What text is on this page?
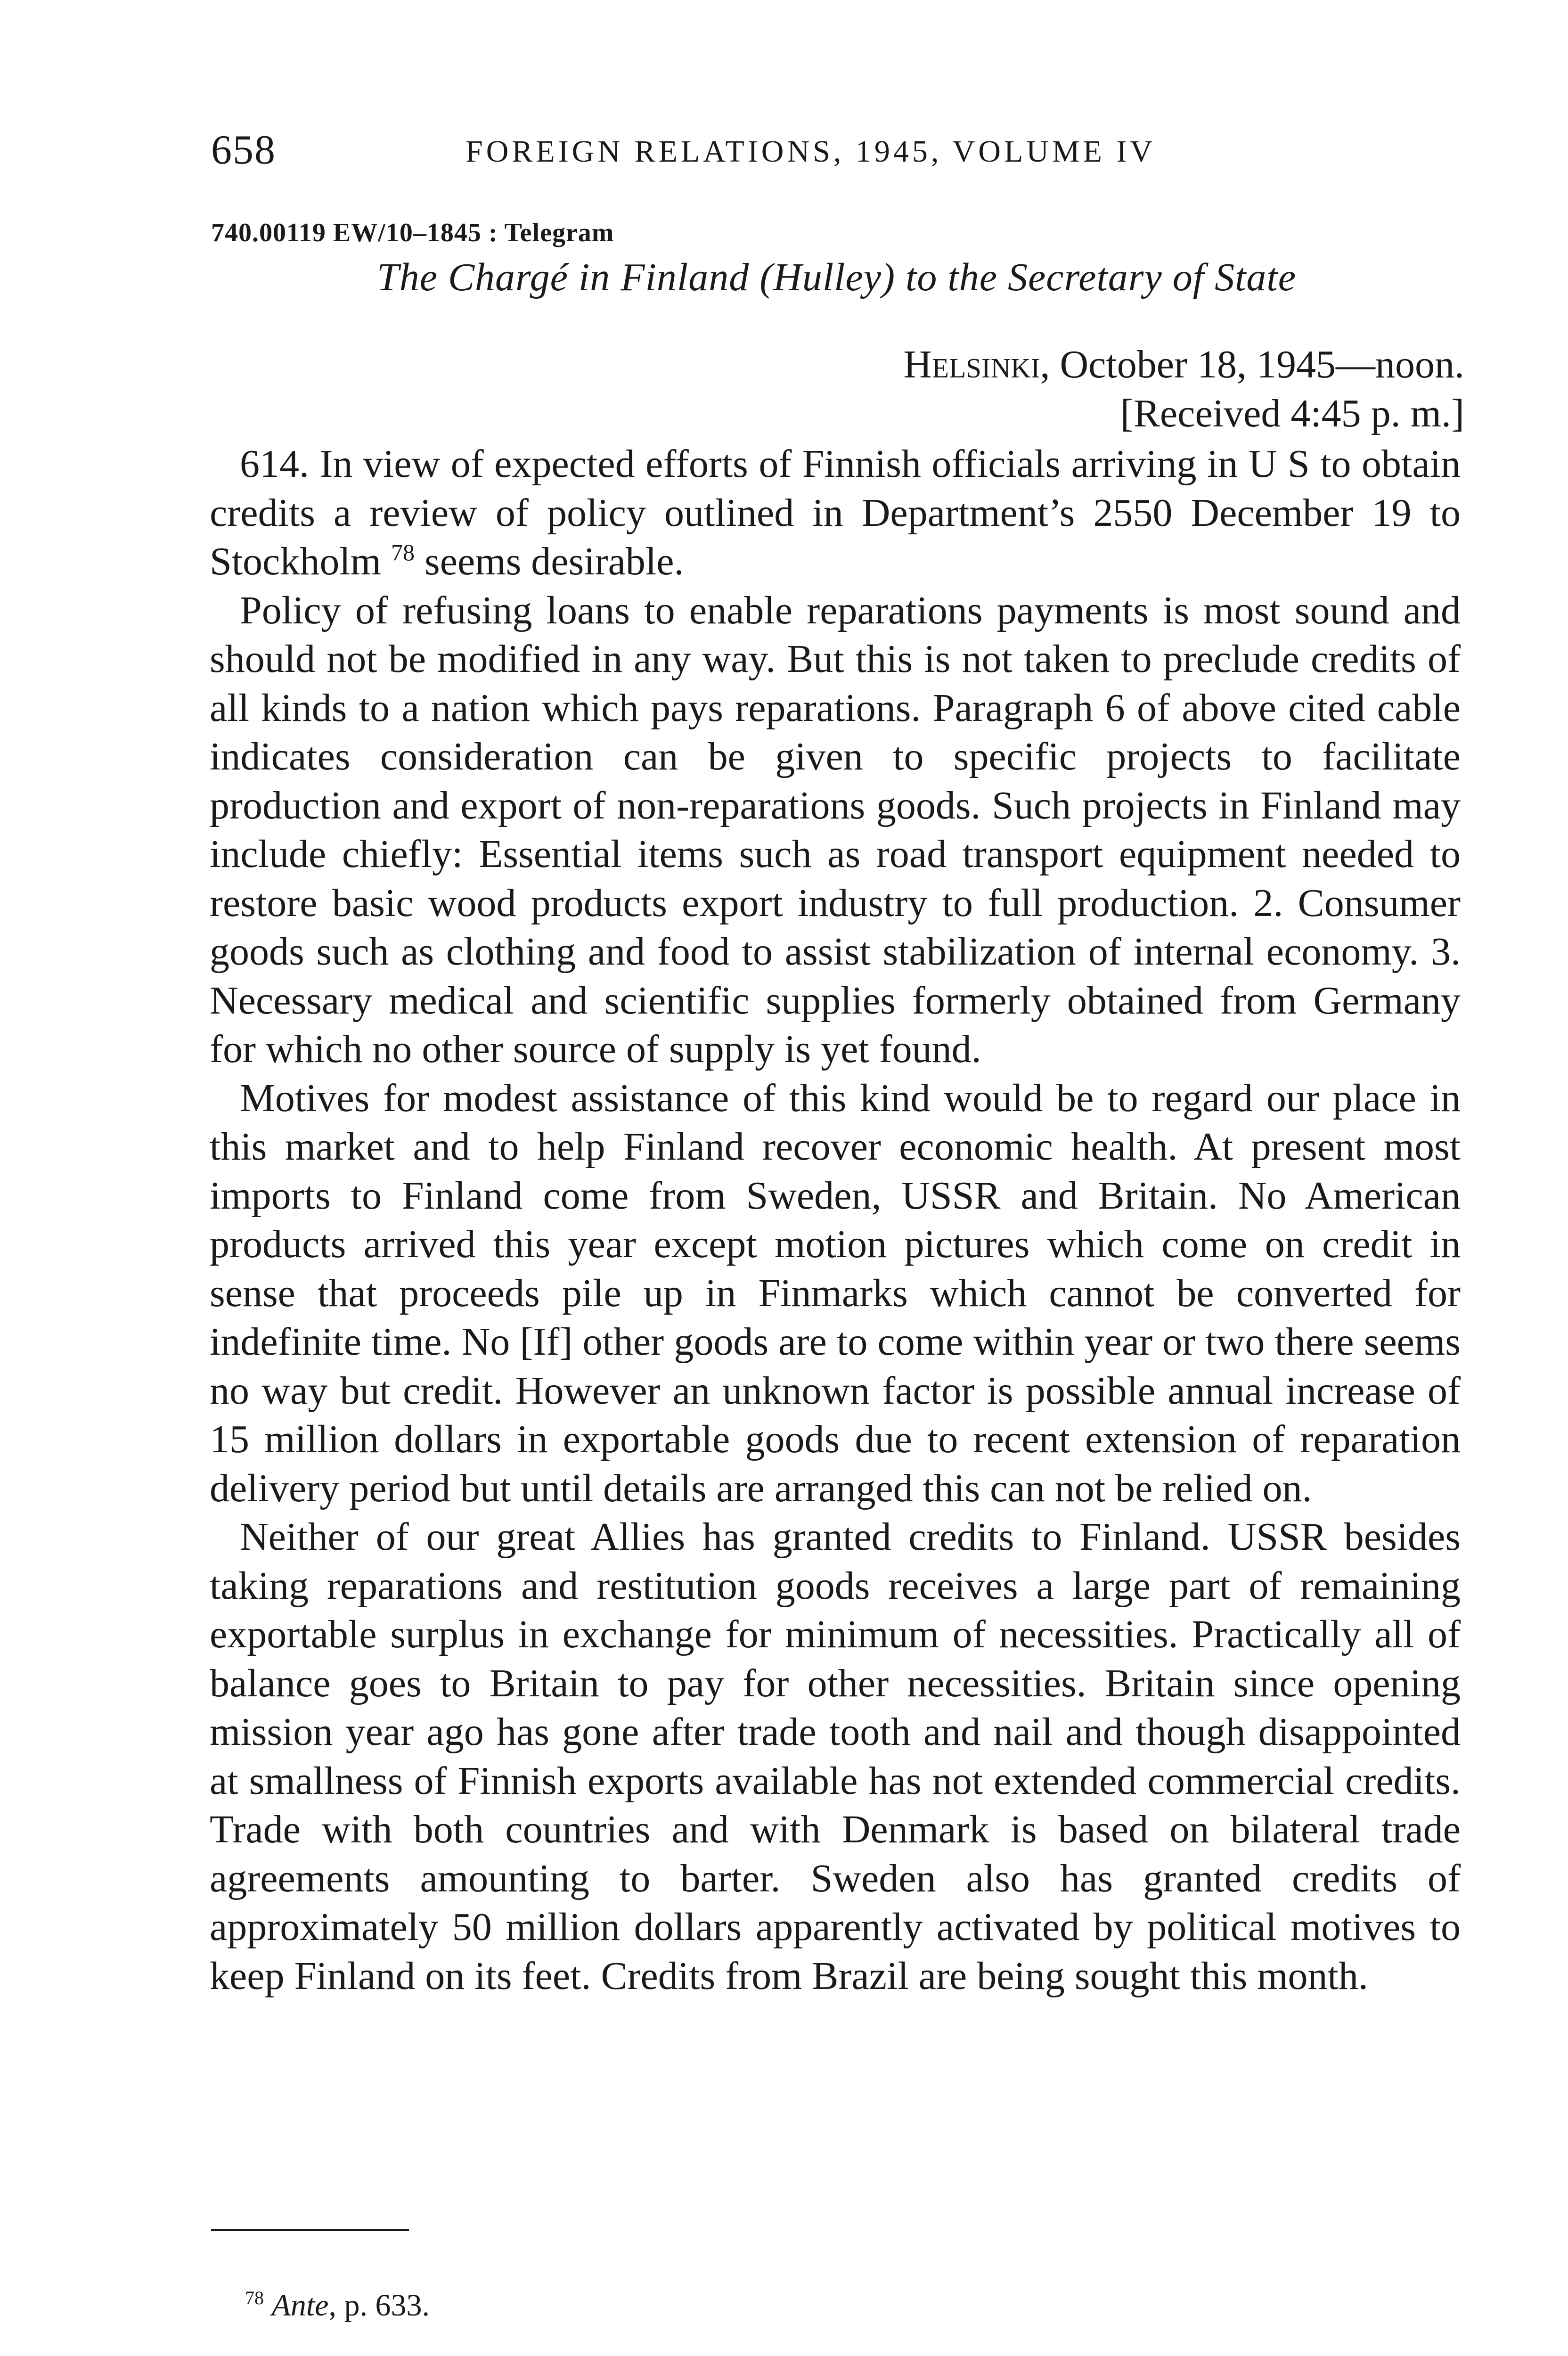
658	FOREIGN RELATIONS, 1945, VOLUME IV
740.00119 EW/10–1845 : Telegram
The Chargé in Finland (Hulley) to the Secretary of State
Helsinki, October 18, 1945—noon.
[Received 4:45 p. m.]

614. In view of expected efforts of Finnish officials arriving in U S to obtain credits a review of policy outlined in Department’s 2550 December 19 to Stockholm $^{78}$ seems desirable.

Policy of refusing loans to enable reparations payments is most sound and should not be modified in any way. But this is not taken to preclude credits of all kinds to a nation which pays reparations. Paragraph 6 of above cited cable indicates consideration can be given to specific projects to facilitate production and export of non-reparations goods. Such projects in Finland may include chiefly: Essential items such as road transport equipment needed to restore basic wood products export industry to full production. 2. Consumer goods such as clothing and food to assist stabilization of internal economy. 3. Necessary medical and scientific supplies formerly obtained from Germany for which no other source of supply is yet found.

Motives for modest assistance of this kind would be to regard our place in this market and to help Finland recover economic health. At present most imports to Finland come from Sweden, USSR and Britain. No American products arrived this year except motion pictures which come on credit in sense that proceeds pile up in Finmarks which cannot be converted for indefinite time. No [If] other goods are to come within year or two there seems no way but credit. However an unknown factor is possible annual increase of 15 million dollars in exportable goods due to recent extension of reparation delivery period but until details are arranged this can not be relied on.

Neither of our great Allies has granted credits to Finland. USSR besides taking reparations and restitution goods receives a large part of remaining exportable surplus in exchange for minimum of necessities. Practically all of balance goes to Britain to pay for other necessities. Britain since opening mission year ago has gone after trade tooth and nail and though disappointed at smallness of Finnish exports available has not extended commercial credits. Trade with both countries and with Denmark is based on bilateral trade agreements amounting to barter. Sweden also has granted credits of approximately 50 million dollars apparently activated by political motives to keep Finland on its feet. Credits from Brazil are being sought this month.

$^{78}$ Ante, p. 633.
